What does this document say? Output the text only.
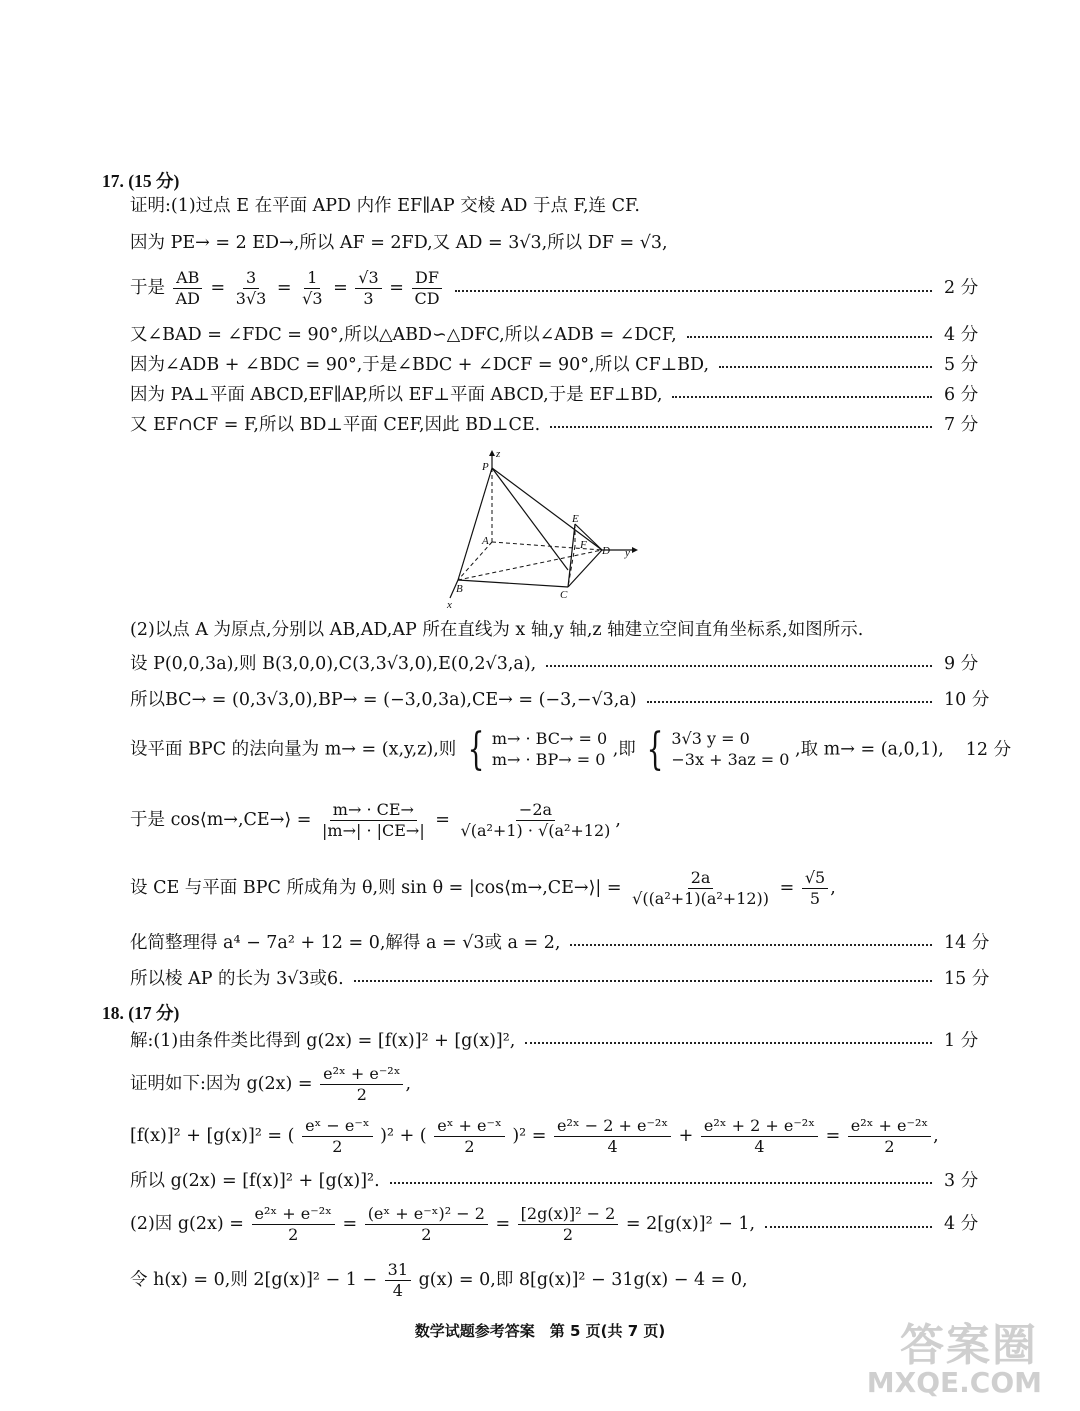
17. (15 分)
证明:(1)过点 E 在平面 APD 内作 EF∥AP 交棱 AD 于点 F,连 CF.
因为 PE→ = 2 ED→,所以 AF = 2FD,又 AD = 3√3,所以 DF = √3,
于是 $\frac{AB}{AD} = \frac{3}{3√3} = \frac{1}{√3} = \frac{√3}{3} = \frac{DF}{CD}$	2 分
又∠BAD = ∠FDC = 90°,所以△ABD∽△DFC,所以∠ADB = ∠DCF,	4 分
因为∠ADB + ∠BDC = 90°,于是∠BDC + ∠DCF = 90°,所以 CF⊥BD,	5 分
因为 PA⊥平面 ABCD,EF∥AP,所以 EF⊥平面 ABCD,于是 EF⊥BD,	6 分
又 EF∩CF = F,所以 BD⊥平面 CEF,因此 BD⊥CE.	7 分
P
z
A
E
F D y
B	C
x
(2)以点 A 为原点,分别以 AB,AD,AP 所在直线为 x 轴,y 轴,z 轴建立空间直角坐标系,如图所示.
设 P(0,0,3a),则 B(3,0,0),C(3,3√3,0),E(0,2√3,a),	9 分
所以BC→ = (0,3√3,0),BP→ = (−3,0,3a),CE→ = (−3,−√3,a)	10 分
设平面 BPC 的法向量为 m→ = (x,y,z),则 { m→ · BC→ = 0
m→ · BP→ = 0 ,即 { 3√3 y = 0
−3x + 3az = 0 ,取 m→ = (a,0,1), 12 分
于是 cos⟨m→,CE→⟩ = $\frac{m\to \cdot CE\to}{|m\to| \cdot |CE\to|} = \frac{-2a}{\text{√(a²+1) · √(a²+12)}}$ ,
设 CE 与平面 BPC 所成角为 θ,则 sin θ = |cos⟨m→,CE→⟩| = $\frac{2a}{\text{√((a²+1)(a²+12))}} = \frac{√5}{5}$ ,
化简整理得 a⁴ − 7a² + 12 = 0,解得 a = √3或 a = 2,	14 分
所以棱 AP 的长为 3√3或6.	15 分
18. (17 分)
解:(1)由条件类比得到 g(2x) = [f(x)]² + [g(x)]²,	1 分
证明如下:因为 $g(2x) = \frac{\text{e²ˣ + e⁻²ˣ}}{2}$ ,
[f(x)]² + [g(x)]² = ( $\frac{\text{eˣ − e⁻ˣ}}{2} )^2$ + ( $\frac{\text{eˣ + e⁻ˣ}}{2} )^2 = \frac{\text{e²ˣ − 2 + e⁻²ˣ}}{4} + \frac{\text{e²ˣ + 2 + e⁻²ˣ}}{4} = \frac{\text{e²ˣ + e⁻²ˣ}}{2}$ ,
所以 g(2x) = [f(x)]² + [g(x)]².	3 分
(2)因 $g(2x) = \frac{\text{e²ˣ + e⁻²ˣ}}{2} = \frac{\text{(eˣ + e⁻ˣ)² − 2}}{2} = \frac{\text{[2g(x)]² − 2}}{2} = 2[g(x)]^2 - 1$,	4 分
令 h(x) = 0,则 $2[g(x)]^2 - 1 - \frac{31}{4} g(x) = 0$,即 8[g(x)]² − 31g(x) − 4 = 0,
数学试题参考答案　第 5 页(共 7 页)	答案圈
MXQE.COM
